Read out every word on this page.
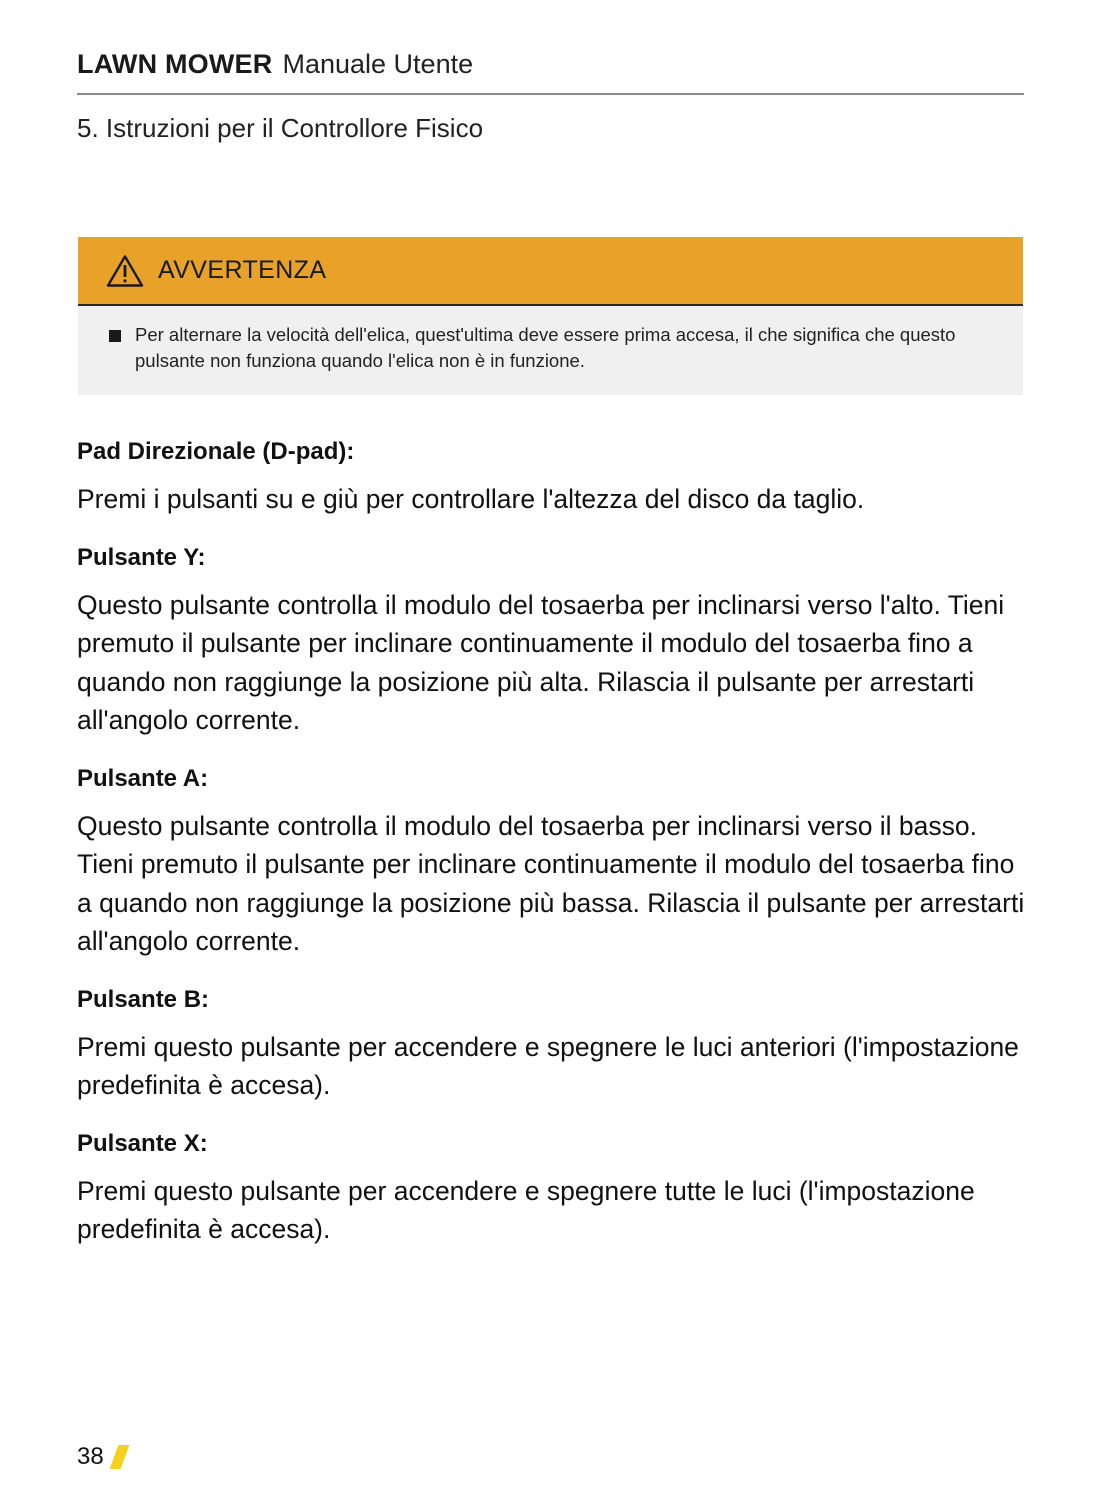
LAWN MOWER Manuale Utente
5. Istruzioni per il Controllore Fisico
AVVERTENZA
Per alternare la velocità dell'elica, quest'ultima deve essere prima accesa, il che significa che questo pulsante non funziona quando l'elica non è in funzione.

Pad Direzionale (D-pad):

Premi i pulsanti su e giù per controllare l'altezza del disco da taglio.

Pulsante Y:

Questo pulsante controlla il modulo del tosaerba per inclinarsi verso l'alto. Tieni premuto il pulsante per inclinare continuamente il modulo del tosaerba fino a quando non raggiunge la posizione più alta. Rilascia il pulsante per arrestarti all'angolo corrente.

Pulsante A:

Questo pulsante controlla il modulo del tosaerba per inclinarsi verso il basso. Tieni premuto il pulsante per inclinare continuamente il modulo del tosaerba fino a quando non raggiunge la posizione più bassa. Rilascia il pulsante per arrestarti all'angolo corrente.

Pulsante B:

Premi questo pulsante per accendere e spegnere le luci anteriori (l'impostazione predefinita è accesa).

Pulsante X:

Premi questo pulsante per accendere e spegnere tutte le luci (l'impostazione predefinita è accesa).

38
